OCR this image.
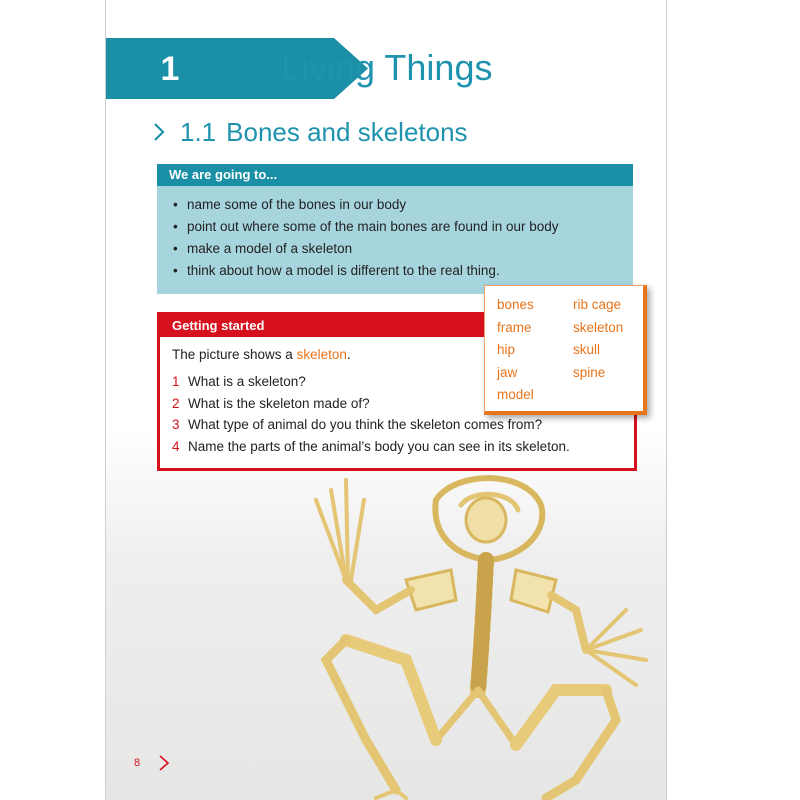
1	Living Things
1.1 Bones and skeletons
We are going to...
• name some of the bones in our body
• point out where some of the main bones are found in our body
• make a model of a skeleton
• think about how a model is different to the real thing.
Getting started
The picture shows a skeleton.
1 What is a skeleton?
2 What is the skeleton made of?
3 What type of animal do you think the skeleton comes from?
4 Name the parts of the animal’s body you can see in its skeleton.
bones
frame
hip
jaw
model
rib cage
skeleton
skull
spine
8
